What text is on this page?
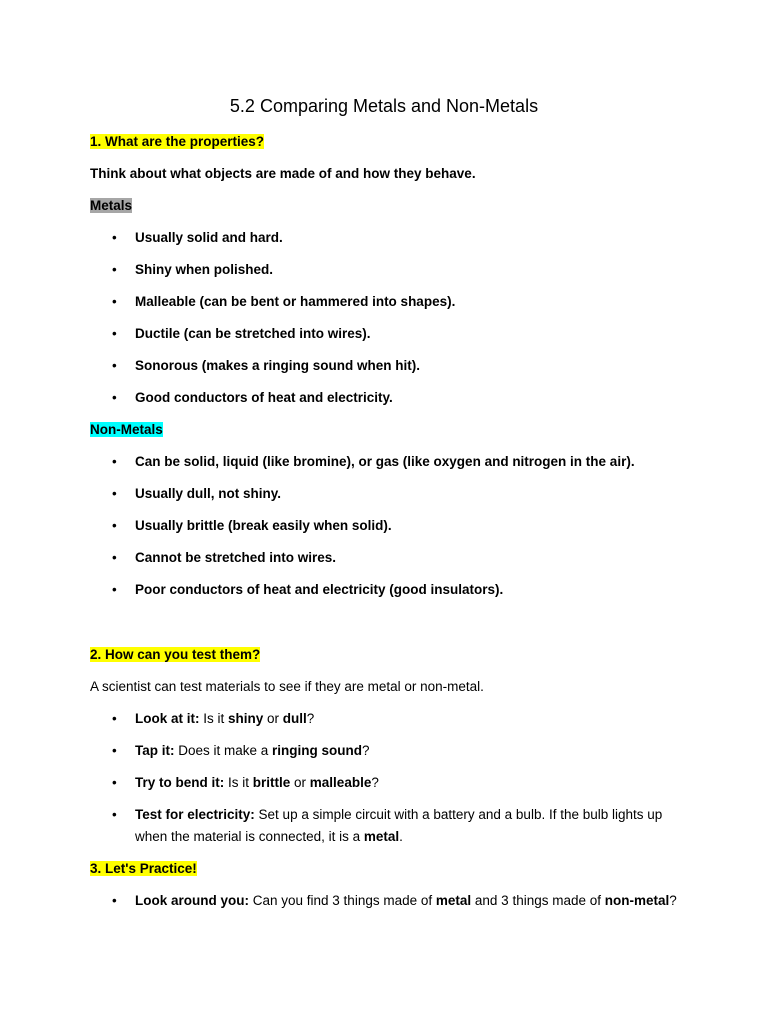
5.2 Comparing Metals and Non-Metals
1. What are the properties?
Think about what objects are made of and how they behave.
Metals
• Usually solid and hard.
• Shiny when polished.
• Malleable (can be bent or hammered into shapes).
• Ductile (can be stretched into wires).
• Sonorous (makes a ringing sound when hit).
• Good conductors of heat and electricity.
Non-Metals
• Can be solid, liquid (like bromine), or gas (like oxygen and nitrogen in the air).
• Usually dull, not shiny.
• Usually brittle (break easily when solid).
• Cannot be stretched into wires.
• Poor conductors of heat and electricity (good insulators).
2. How can you test them?
A scientist can test materials to see if they are metal or non-metal.
• Look at it: Is it shiny or dull?
• Tap it: Does it make a ringing sound?
• Try to bend it: Is it brittle or malleable?
• Test for electricity: Set up a simple circuit with a battery and a bulb. If the bulb lights up when the material is connected, it is a metal.
3. Let's Practice!
• Look around you: Can you find 3 things made of metal and 3 things made of non-metal?
